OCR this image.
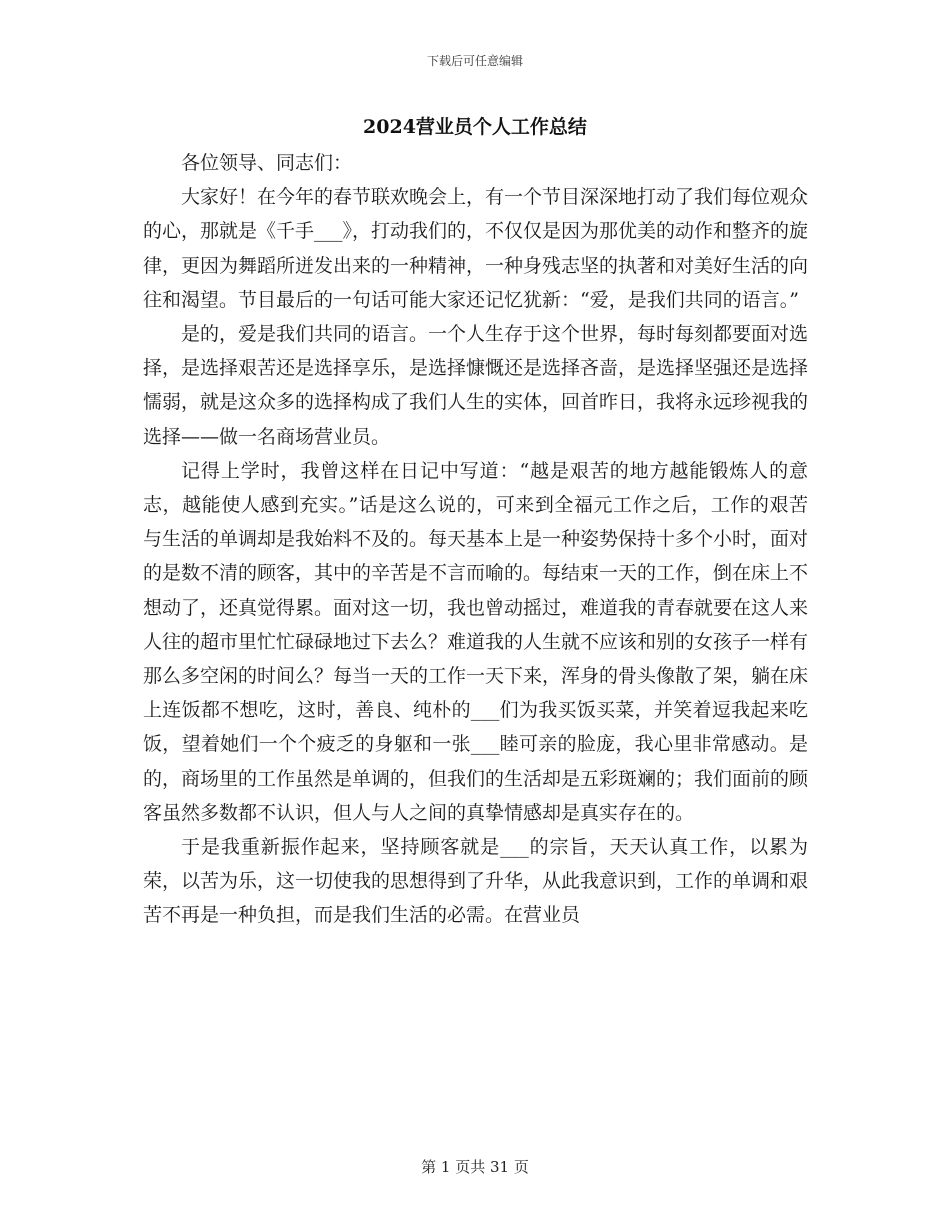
下载后可任意编辑
2024营业员个人工作总结

各位领导、同志们：

大家好！在今年的春节联欢晚会上，有一个节目深深地打动了我们每位观众的心，那就是《千手___》，打动我们的，不仅仅是因为那优美的动作和整齐的旋律，更因为舞蹈所迸发出来的一种精神，一种身残志坚的执著和对美好生活的向往和渴望。节目最后的一句话可能大家还记忆犹新：“爱，是我们共同的语言。”

是的，爱是我们共同的语言。一个人生存于这个世界，每时每刻都要面对选择，是选择艰苦还是选择享乐，是选择慷慨还是选择吝啬，是选择坚强还是选择懦弱，就是这众多的选择构成了我们人生的实体，回首昨日，我将永远珍视我的选择——做一名商场营业员。

记得上学时，我曾这样在日记中写道：“越是艰苦的地方越能锻炼人的意志，越能使人感到充实。”话是这么说的，可来到全福元工作之后，工作的艰苦与生活的单调却是我始料不及的。每天基本上是一种姿势保持十多个小时，面对的是数不清的顾客，其中的辛苦是不言而喻的。每结束一天的工作，倒在床上不想动了，还真觉得累。面对这一切，我也曾动摇过，难道我的青春就要在这人来人往的超市里忙忙碌碌地过下去么？难道我的人生就不应该和别的女孩子一样有那么多空闲的时间么？每当一天的工作一天下来，浑身的骨头像散了架，躺在床上连饭都不想吃，这时，善良、纯朴的___们为我买饭买菜，并笑着逗我起来吃饭，望着她们一个个疲乏的身躯和一张___睦可亲的脸庞，我心里非常感动。是的，商场里的工作虽然是单调的，但我们的生活却是五彩斑斓的；我们面前的顾客虽然多数都不认识，但人与人之间的真挚情感却是真实存在的。

于是我重新振作起来，坚持顾客就是___的宗旨，天天认真工作，以累为荣，以苦为乐，这一切使我的思想得到了升华，从此我意识到，工作的单调和艰苦不再是一种负担，而是我们生活的必需。在营业员

第 1 页共 31 页
